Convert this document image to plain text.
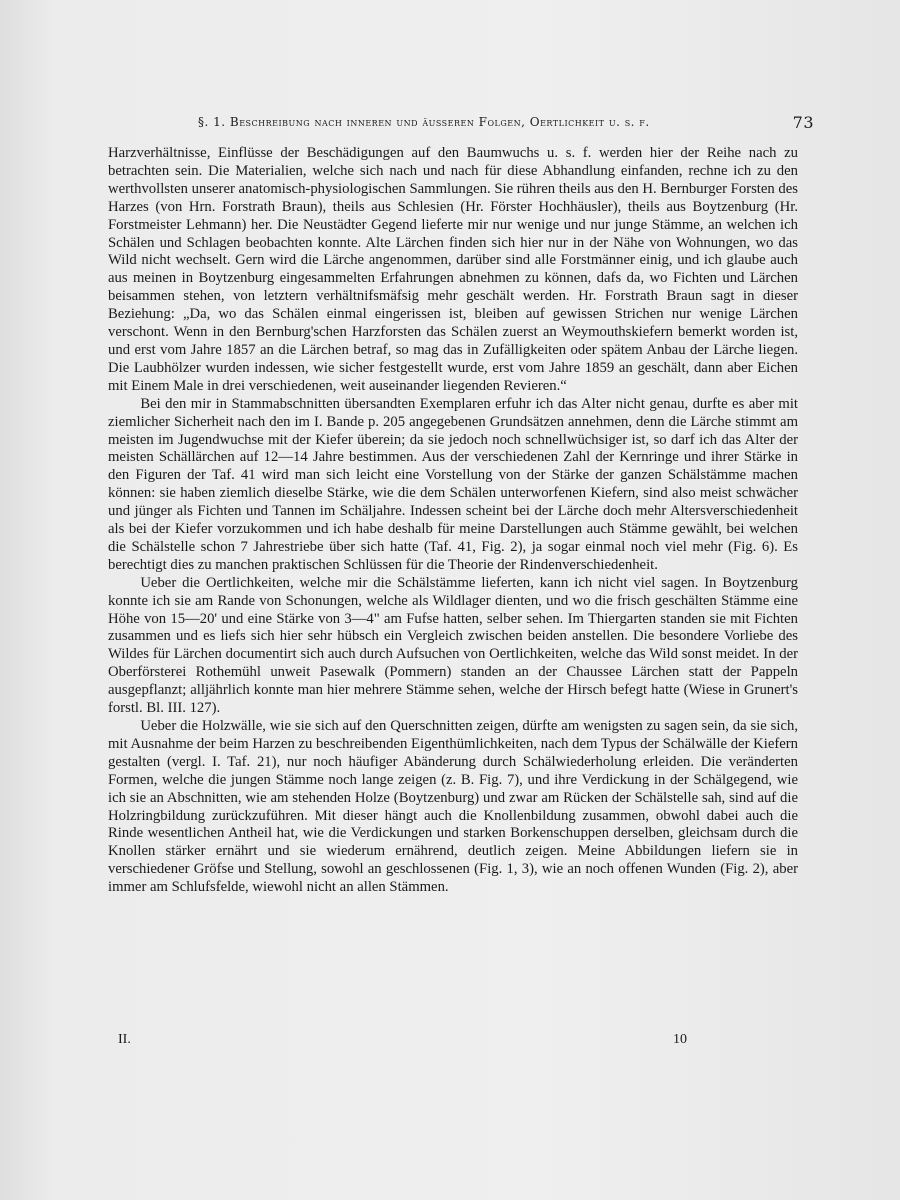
§. 1. Beschreibung nach inneren und äusseren Folgen, Oertlichkeit u. s. f.	73

Harzverhältnisse, Einflüsse der Beschädigungen auf den Baumwuchs u. s. f. werden hier der Reihe nach zu betrachten sein. Die Materialien, welche sich nach und nach für diese Abhandlung einfanden, rechne ich zu den werthvollsten unserer anatomisch-physiologischen Sammlungen. Sie rühren theils aus den H. Bernburger Forsten des Harzes (von Hrn. Forstrath Braun), theils aus Schlesien (Hr. Förster Hochhäusler), theils aus Boytzenburg (Hr. Forstmeister Lehmann) her. Die Neustädter Gegend lieferte mir nur wenige und nur junge Stämme, an welchen ich Schälen und Schlagen beobachten konnte. Alte Lärchen finden sich hier nur in der Nähe von Wohnungen, wo das Wild nicht wechselt. Gern wird die Lärche angenommen, darüber sind alle Forstmänner einig, und ich glaube auch aus meinen in Boytzenburg eingesammelten Erfahrungen abnehmen zu können, dafs da, wo Fichten und Lärchen beisammen stehen, von letztern verhältnifsmäfsig mehr geschält werden. Hr. Forstrath Braun sagt in dieser Beziehung: „Da, wo das Schälen einmal eingerissen ist, bleiben auf gewissen Strichen nur wenige Lärchen verschont. Wenn in den Bernburg'schen Harzforsten das Schälen zuerst an Weymouthskiefern bemerkt worden ist, und erst vom Jahre 1857 an die Lärchen betraf, so mag das in Zufälligkeiten oder spätem Anbau der Lärche liegen. Die Laubhölzer wurden indessen, wie sicher festgestellt wurde, erst vom Jahre 1859 an geschält, dann aber Eichen mit Einem Male in drei verschiedenen, weit auseinander liegenden Revieren.“

Bei den mir in Stammabschnitten übersandten Exemplaren erfuhr ich das Alter nicht genau, durfte es aber mit ziemlicher Sicherheit nach den im I. Bande p. 205 angegebenen Grundsätzen annehmen, denn die Lärche stimmt am meisten im Jugendwuchse mit der Kiefer überein; da sie jedoch noch schnellwüchsiger ist, so darf ich das Alter der meisten Schällärchen auf 12—14 Jahre bestimmen. Aus der verschiedenen Zahl der Kernringe und ihrer Stärke in den Figuren der Taf. 41 wird man sich leicht eine Vorstellung von der Stärke der ganzen Schälstämme machen können: sie haben ziemlich dieselbe Stärke, wie die dem Schälen unterworfenen Kiefern, sind also meist schwächer und jünger als Fichten und Tannen im Schäljahre. Indessen scheint bei der Lärche doch mehr Altersverschiedenheit als bei der Kiefer vorzukommen und ich habe deshalb für meine Darstellungen auch Stämme gewählt, bei welchen die Schälstelle schon 7 Jahrestriebe über sich hatte (Taf. 41, Fig. 2), ja sogar einmal noch viel mehr (Fig. 6). Es berechtigt dies zu manchen praktischen Schlüssen für die Theorie der Rindenverschiedenheit.

Ueber die Oertlichkeiten, welche mir die Schälstämme lieferten, kann ich nicht viel sagen. In Boytzenburg konnte ich sie am Rande von Schonungen, welche als Wildlager dienten, und wo die frisch geschälten Stämme eine Höhe von 15—20' und eine Stärke von 3—4" am Fufse hatten, selber sehen. Im Thiergarten standen sie mit Fichten zusammen und es liefs sich hier sehr hübsch ein Vergleich zwischen beiden anstellen. Die besondere Vorliebe des Wildes für Lärchen documentirt sich auch durch Aufsuchen von Oertlichkeiten, welche das Wild sonst meidet. In der Oberförsterei Rothemühl unweit Pasewalk (Pommern) standen an der Chaussee Lärchen statt der Pappeln ausgepflanzt; alljährlich konnte man hier mehrere Stämme sehen, welche der Hirsch befegt hatte (Wiese in Grunert's forstl. Bl. III. 127).

Ueber die Holzwälle, wie sie sich auf den Querschnitten zeigen, dürfte am wenigsten zu sagen sein, da sie sich, mit Ausnahme der beim Harzen zu beschreibenden Eigenthümlichkeiten, nach dem Typus der Schälwälle der Kiefern gestalten (vergl. I. Taf. 21), nur noch häufiger Abänderung durch Schälwiederholung erleiden. Die veränderten Formen, welche die jungen Stämme noch lange zeigen (z. B. Fig. 7), und ihre Verdickung in der Schälgegend, wie ich sie an Abschnitten, wie am stehenden Holze (Boytzenburg) und zwar am Rücken der Schälstelle sah, sind auf die Holzringbildung zurückzuführen. Mit dieser hängt auch die Knollenbildung zusammen, obwohl dabei auch die Rinde wesentlichen Antheil hat, wie die Verdickungen und starken Borkenschuppen derselben, gleichsam durch die Knollen stärker ernährt und sie wiederum ernährend, deutlich zeigen. Meine Abbildungen liefern sie in verschiedener Gröfse und Stellung, sowohl an geschlossenen (Fig. 1, 3), wie an noch offenen Wunden (Fig. 2), aber immer am Schlufsfelde, wiewohl nicht an allen Stämmen.

II.	10
